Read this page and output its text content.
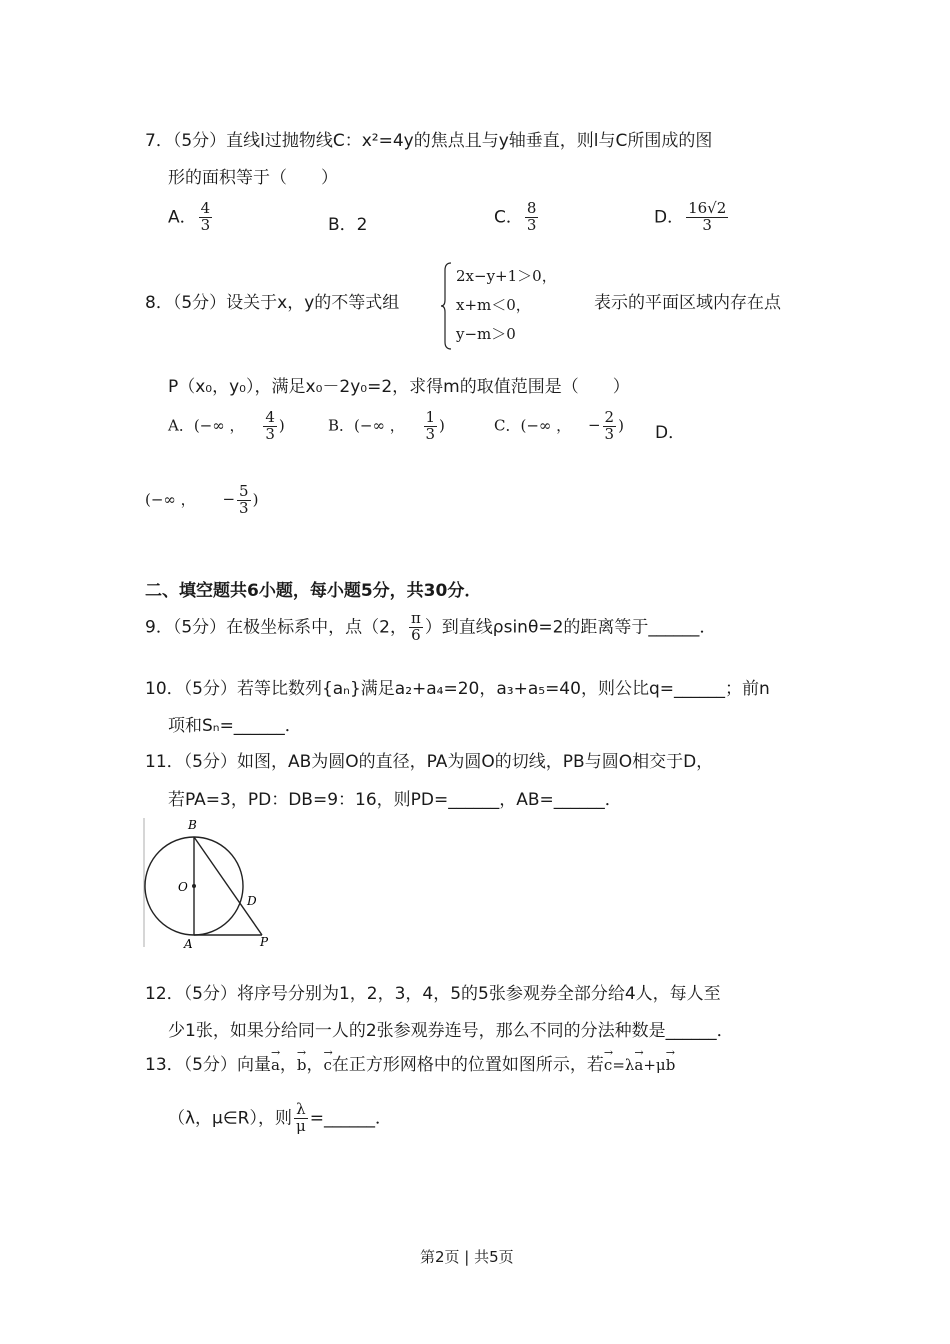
7．（5分）直线l过抛物线C：x²=4y的焦点且与y轴垂直，则l与C所围成的图
形的面积等于（　　）
A． $\frac{4}{3}$	B．2	C． $\frac{8}{3}$	D． $\frac{16√2}{3}$
8．（5分）设关于x，y的不等式组
2x−y+1＞0，
x+m＜0，
y−m＞0
表示的平面区域内存在点
P（x₀，y₀），满足x₀－2y₀=2，求得m的取值范围是（　　）
A．(−∞ ， $\frac{4}{3}$ )	B．(−∞ ， $\frac{1}{3}$ )	C．(−∞ ， − $\frac{2}{3}$ ) D．
(−∞ ， − $\frac{5}{3}$ )
二、填空题共6小题，每小题5分，共30分．
9．（5分）在极坐标系中，点（2， $\frac{\pi}{6}$ ）到直线ρsinθ=2的距离等于______．
10．（5分）若等比数列{aₙ}满足a₂+a₄=20，a₃+a₅=40，则公比q=______；前n
项和Sₙ=______．
11．（5分）如图，AB为圆O的直径，PA为圆O的切线，PB与圆O相交于D，
若PA=3，PD：DB=9：16，则PD=______，AB=______．
B
O
D
A	P
12．（5分）将序号分别为1，2，3，4，5的5张参观券全部分给4人，每人至
少1张，如果分给同一人的2张参观券连号，那么不同的分法种数是______．
13．（5分）向量→ a，→ b，→ c在正方形网格中的位置如图所示，若→ c=λ→ a+μ→ b
（λ，μ∈R），则 $\frac{\lambda}{\mu}$ =______．
第2页 | 共5页
